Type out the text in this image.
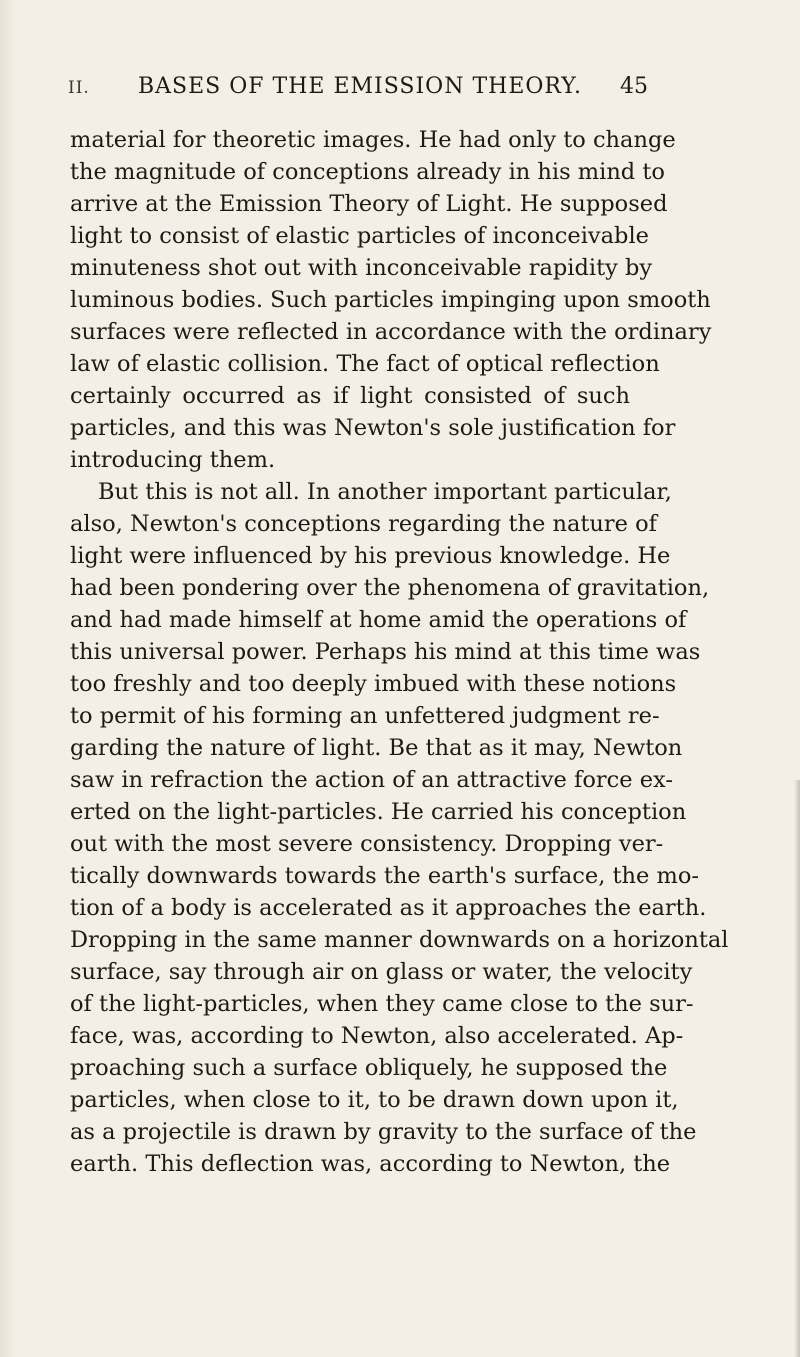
II. BASES OF THE EMISSION THEORY. 45
material for theoretic images. He had only to change
the magnitude of conceptions already in his mind to
arrive at the Emission Theory of Light. He supposed
light to consist of elastic particles of inconceivable
minuteness shot out with inconceivable rapidity by
luminous bodies. Such particles impinging upon smooth
surfaces were reflected in accordance with the ordinary
law of elastic collision. The fact of optical reflection
certainly occurred as if light consisted of such
particles, and this was Newton's sole justification for
introducing them.
But this is not all. In another important particular,
also, Newton's conceptions regarding the nature of
light were influenced by his previous knowledge. He
had been pondering over the phenomena of gravitation,
and had made himself at home amid the operations of
this universal power. Perhaps his mind at this time was
too freshly and too deeply imbued with these notions
to permit of his forming an unfettered judgment re-
garding the nature of light. Be that as it may, Newton
saw in refraction the action of an attractive force ex-
erted on the light-particles. He carried his conception
out with the most severe consistency. Dropping ver-
tically downwards towards the earth's surface, the mo-
tion of a body is accelerated as it approaches the earth.
Dropping in the same manner downwards on a horizontal
surface, say through air on glass or water, the velocity
of the light-particles, when they came close to the sur-
face, was, according to Newton, also accelerated. Ap-
proaching such a surface obliquely, he supposed the
particles, when close to it, to be drawn down upon it,
as a projectile is drawn by gravity to the surface of the
earth. This deflection was, according to Newton, the
